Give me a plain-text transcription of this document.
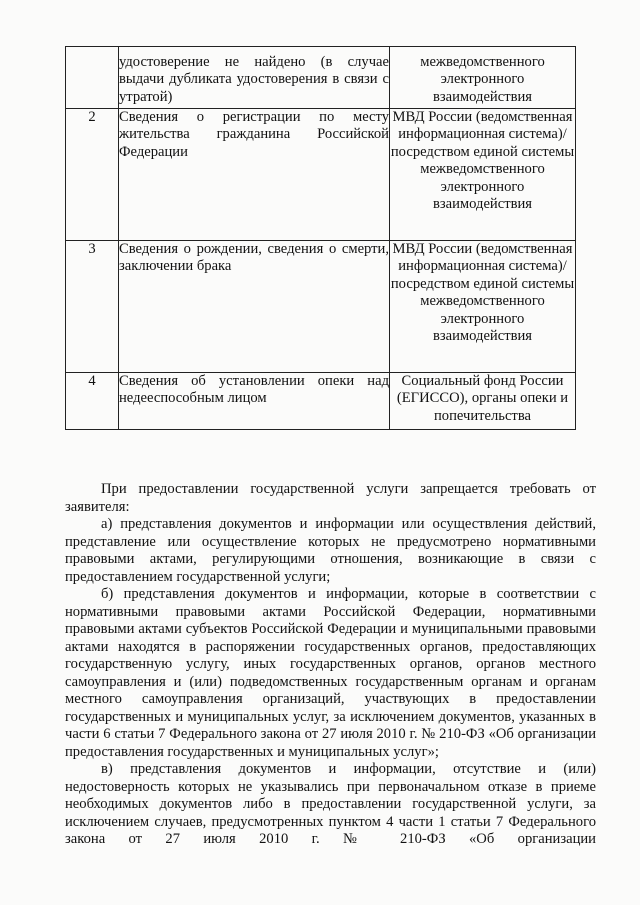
	удостоверение не найдено (в случае выдачи дубликата удостоверения в связи с утратой)	межведомственного электронного взаимодействия
2	Сведения о регистрации по месту жительства гражданина Российской Федерации	МВД России (ведомственная информационная система)/ посредством единой системы межведомственного электронного взаимодействия
3	Сведения о рождении, сведения о смерти, заключении брака	МВД России (ведомственная информационная система)/ посредством единой системы межведомственного электронного взаимодействия
4	Сведения об установлении опеки над недееспособным лицом	Социальный фонд России (ЕГИССО), органы опеки и попечительства

При предоставлении государственной услуги запрещается требовать от заявителя:

а) представления документов и информации или осуществления действий, представление или осуществление которых не предусмотрено нормативными правовыми актами, регулирующими отношения, возникающие в связи с предоставлением государственной услуги;

б) представления документов и информации, которые в соответствии с нормативными правовыми актами Российской Федерации, нормативными правовыми актами субъектов Российской Федерации и муниципальными правовыми актами находятся в распоряжении государственных органов, предоставляющих государственную услугу, иных государственных органов, органов местного самоуправления и (или) подведомственных государственным органам и органам местного самоуправления организаций, участвующих в предоставлении государственных и муниципальных услуг, за исключением документов, указанных в части 6 статьи 7 Федерального закона от 27 июля 2010 г. № 210-ФЗ «Об организации предоставления государственных и муниципальных услуг»;

в) представления документов и информации, отсутствие и (или) недостоверность которых не указывались при первоначальном отказе в приеме необходимых документов либо в предоставлении государственной услуги, за исключением случаев, предусмотренных пунктом 4 части 1 статьи 7 Федерального закона от 27 июля 2010 г. № 210-ФЗ «Об организации
